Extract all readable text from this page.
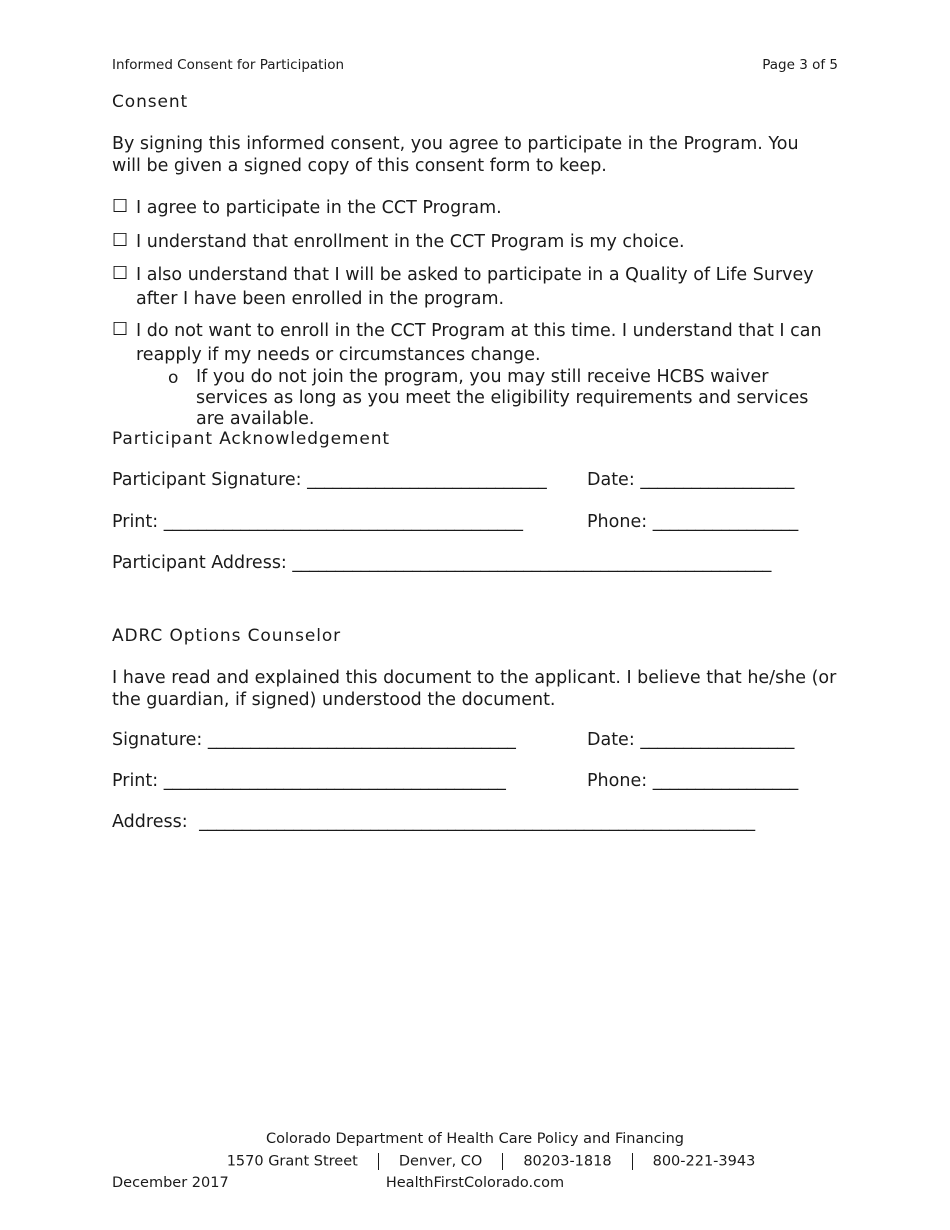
Informed Consent for Participation	Page 3 of 5
Consent
By signing this informed consent, you agree to participate in the Program. You will be given a signed copy of this consent form to keep.
☐ I agree to participate in the CCT Program.
☐ I understand that enrollment in the CCT Program is my choice.
☐ I also understand that I will be asked to participate in a Quality of Life Survey after I have been enrolled in the program.
☐ I do not want to enroll in the CCT Program at this time. I understand that I can reapply if my needs or circumstances change.
o If you do not join the program, you may still receive HCBS waiver services as long as you meet the eligibility requirements and services are available.
Participant Acknowledgement
Participant Signature: ____________________________ Date: __________________
Print: __________________________________________	Phone: _________________
Participant Address: ________________________________________________________
ADRC Options Counselor
I have read and explained this document to the applicant. I believe that he/she (or the guardian, if signed) understood the document.
Signature: ____________________________________	Date: __________________
Print: ________________________________________	Phone: _________________
Address: _________________________________________________________________
Colorado Department of Health Care Policy and Financing
1570 Grant Street	Denver, CO	80203-1818	800-221-3943
December 2017	HealthFirstColorado.com
